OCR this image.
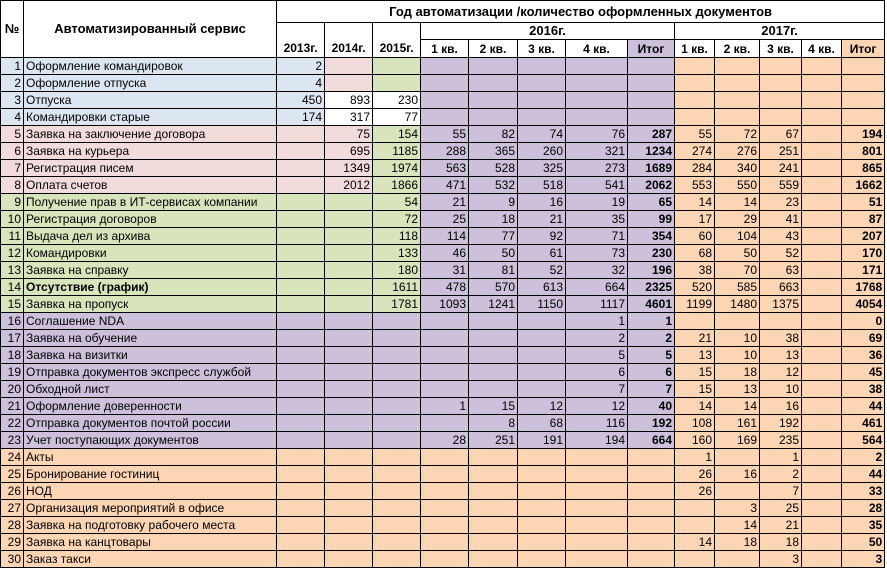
№	Автоматизированный сервис	Год автоматизации /количество оформленных документов												
					2016г.					2017г.				
		2013г.	2014г.	2015г.	1 кв.	2 кв.	3 кв.	4 кв.	Итог	1 кв.	2 кв.	3 кв.	4 кв.	Итог
1	Оформление командировок	2												
2	Оформление отпуска	4												
3	Отпуска	450	893	230										
4	Командировки старые	174	317	77										
5	Заявка на заключение договора		75	154	55	82	74	76	287	55	72	67		194
6	Заявка на курьера		695	1185	288	365	260	321	1234	274	276	251		801
7	Регистрация писем		1349	1974	563	528	325	273	1689	284	340	241		865
8	Оплата счетов		2012	1866	471	532	518	541	2062	553	550	559		1662
9	Получение прав в ИТ-сервисах компании			54	21	9	16	19	65	14	14	23		51
10	Регистрация договоров			72	25	18	21	35	99	17	29	41		87
11	Выдача дел из архива			118	114	77	92	71	354	60	104	43		207
12	Командировки			133	46	50	61	73	230	68	50	52		170
13	Заявка на справку			180	31	81	52	32	196	38	70	63		171
14	Отсутствие (график)			1611	478	570	613	664	2325	520	585	663		1768
15	Заявка на пропуск			1781	1093	1241	1150	1117	4601	1199	1480	1375		4054
16	Соглашение NDA							1	1					0
17	Заявка на обучение							2	2	21	10	38		69
18	Заявка на визитки							5	5	13	10	13		36
19	Отправка документов экспресс службой							6	6	15	18	12		45
20	Обходной лист							7	7	15	13	10		38
21	Оформление доверенности				1	15	12	12	40	14	14	16		44
22	Отправка документов почтой россии					8	68	116	192	108	161	192		461
23	Учет поступающих документов				28	251	191	194	664	160	169	235		564
24	Акты									1		1		2
25	Бронирование гостиниц									26	16	2		44
26	НОД									26		7		33
27	Организация мероприятий в офисе										3	25		28
28	Заявка на подготовку рабочего места										14	21		35
29	Заявка на канцтовары									14	18	18		50
30	Заказ такси											3		3
